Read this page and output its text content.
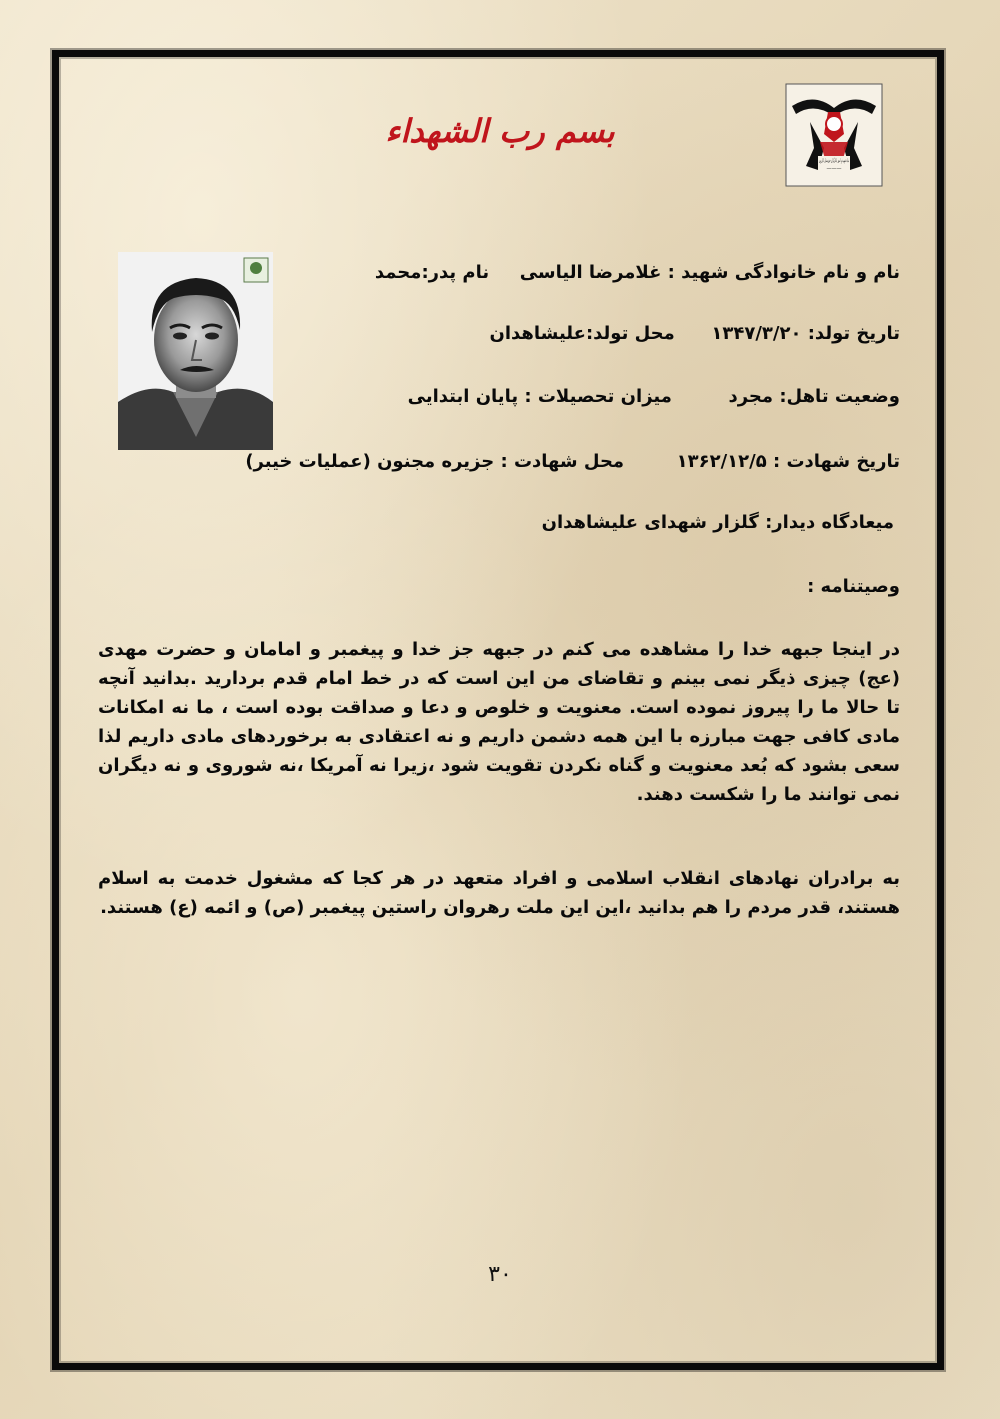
———
بسم رب الشهداء
نام و نام خانوادگی شهید : غلامرضا الیاسی  نام پدر:محمد
تاریخ تولد: ۱۳۴۷/۳/۲۰  محل تولد:علیشاهدان
وضعیت تاهل: مجرد  میزان تحصیلات : پایان ابتدایی
تاریخ شهادت : ۱۳۶۲/۱۲/۵  محل شهادت : جزیره مجنون (عملیات خیبر)
میعادگاه دیدار: گلزار شهدای علیشاهدان
وصیتنامه :
در اینجا جبهه خدا را مشاهده می کنم در جبهه جز خدا و پیغمبر و امامان و حضرت مهدی (عج) چیزی ذیگر نمی بینم و تقاضای من این است که در خط امام قدم بردارید .بدانید آنچه تا حالا ما را پیروز نموده است. معنویت و خلوص و دعا و صداقت بوده است ، ما نه امکانات مادی کافی جهت مبارزه با این همه دشمن داریم و نه اعتقادی به برخوردهای مادی داریم لذا سعی بشود که بُعد معنویت و گناه نکردن تقویت شود ،زیرا نه آمریکا ،نه شوروی و نه دیگران نمی توانند ما را شکست دهند.
به برادران نهادهای انقلاب اسلامی و افراد متعهد در هر کجا که مشغول خدمت به اسلام هستند، قدر مردم را هم بدانید ،این این ملت رهروان راستین پیغمبر (ص) و ائمه (ع) هستند.
۳۰
